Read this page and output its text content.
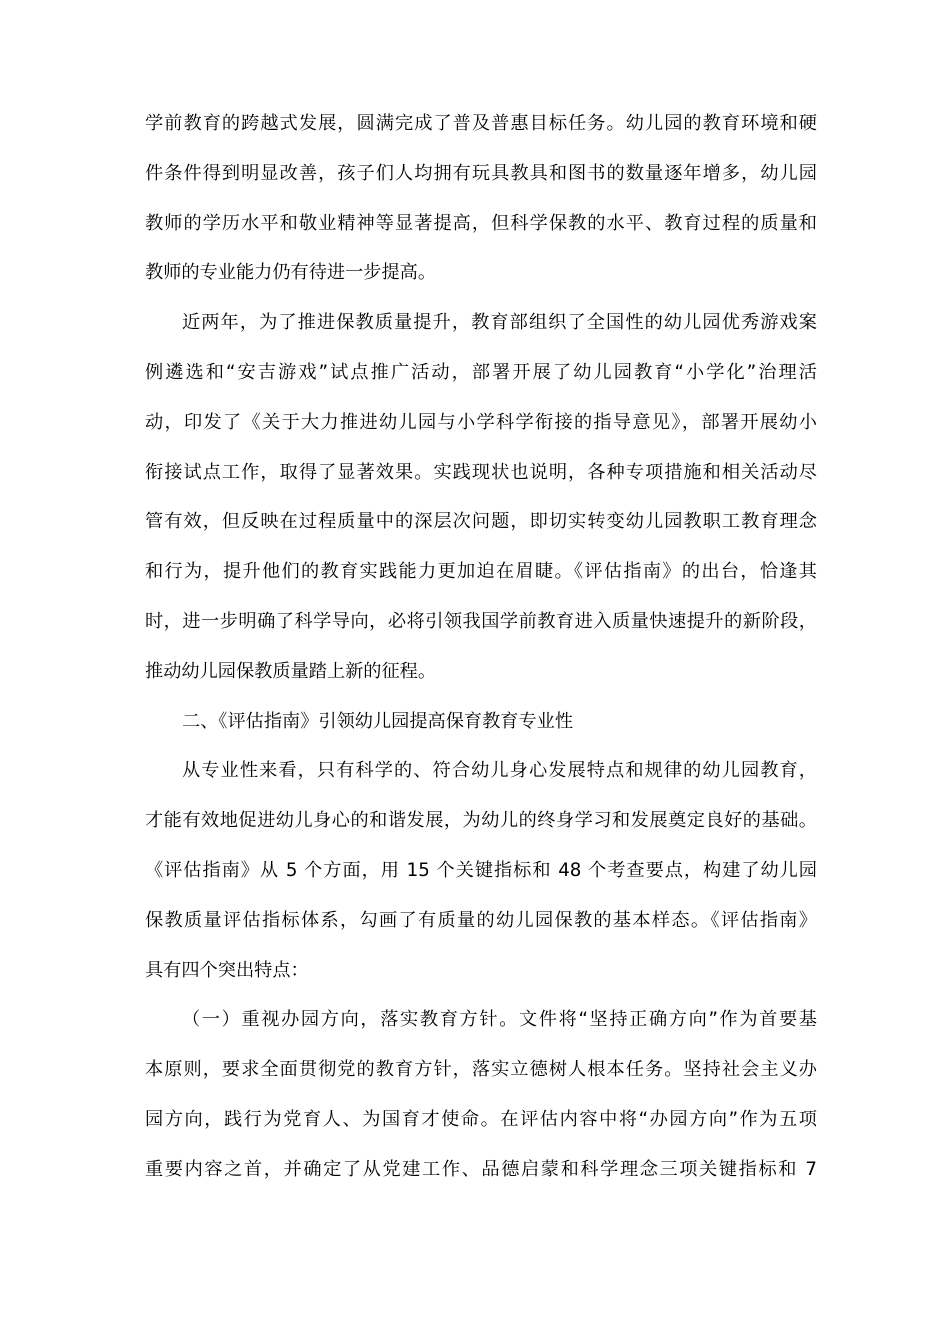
学前教育的跨越式发展，圆满完成了普及普惠目标任务。幼儿园的教育环境和硬
件条件得到明显改善，孩子们人均拥有玩具教具和图书的数量逐年增多，幼儿园
教师的学历水平和敬业精神等显著提高，但科学保教的水平、教育过程的质量和
教师的专业能力仍有待进一步提高。
近两年，为了推进保教质量提升，教育部组织了全国性的幼儿园优秀游戏案
例遴选和“安吉游戏”试点推广活动，部署开展了幼儿园教育“小学化”治理活
动，印发了《关于大力推进幼儿园与小学科学衔接的指导意见》，部署开展幼小
衔接试点工作，取得了显著效果。实践现状也说明，各种专项措施和相关活动尽
管有效，但反映在过程质量中的深层次问题，即切实转变幼儿园教职工教育理念
和行为，提升他们的教育实践能力更加迫在眉睫。《评估指南》的出台，恰逢其
时，进一步明确了科学导向，必将引领我国学前教育进入质量快速提升的新阶段，
推动幼儿园保教质量踏上新的征程。
二、《评估指南》引领幼儿园提高保育教育专业性
从专业性来看，只有科学的、符合幼儿身心发展特点和规律的幼儿园教育，
才能有效地促进幼儿身心的和谐发展，为幼儿的终身学习和发展奠定良好的基础。
《评估指南》从 5 个方面，用 15 个关键指标和 48 个考查要点，构建了幼儿园
保教质量评估指标体系，勾画了有质量的幼儿园保教的基本样态。《评估指南》
具有四个突出特点：
（一）重视办园方向，落实教育方针。文件将“坚持正确方向”作为首要基
本原则，要求全面贯彻党的教育方针，落实立德树人根本任务。坚持社会主义办
园方向，践行为党育人、为国育才使命。在评估内容中将“办园方向”作为五项
重要内容之首，并确定了从党建工作、品德启蒙和科学理念三项关键指标和 7
